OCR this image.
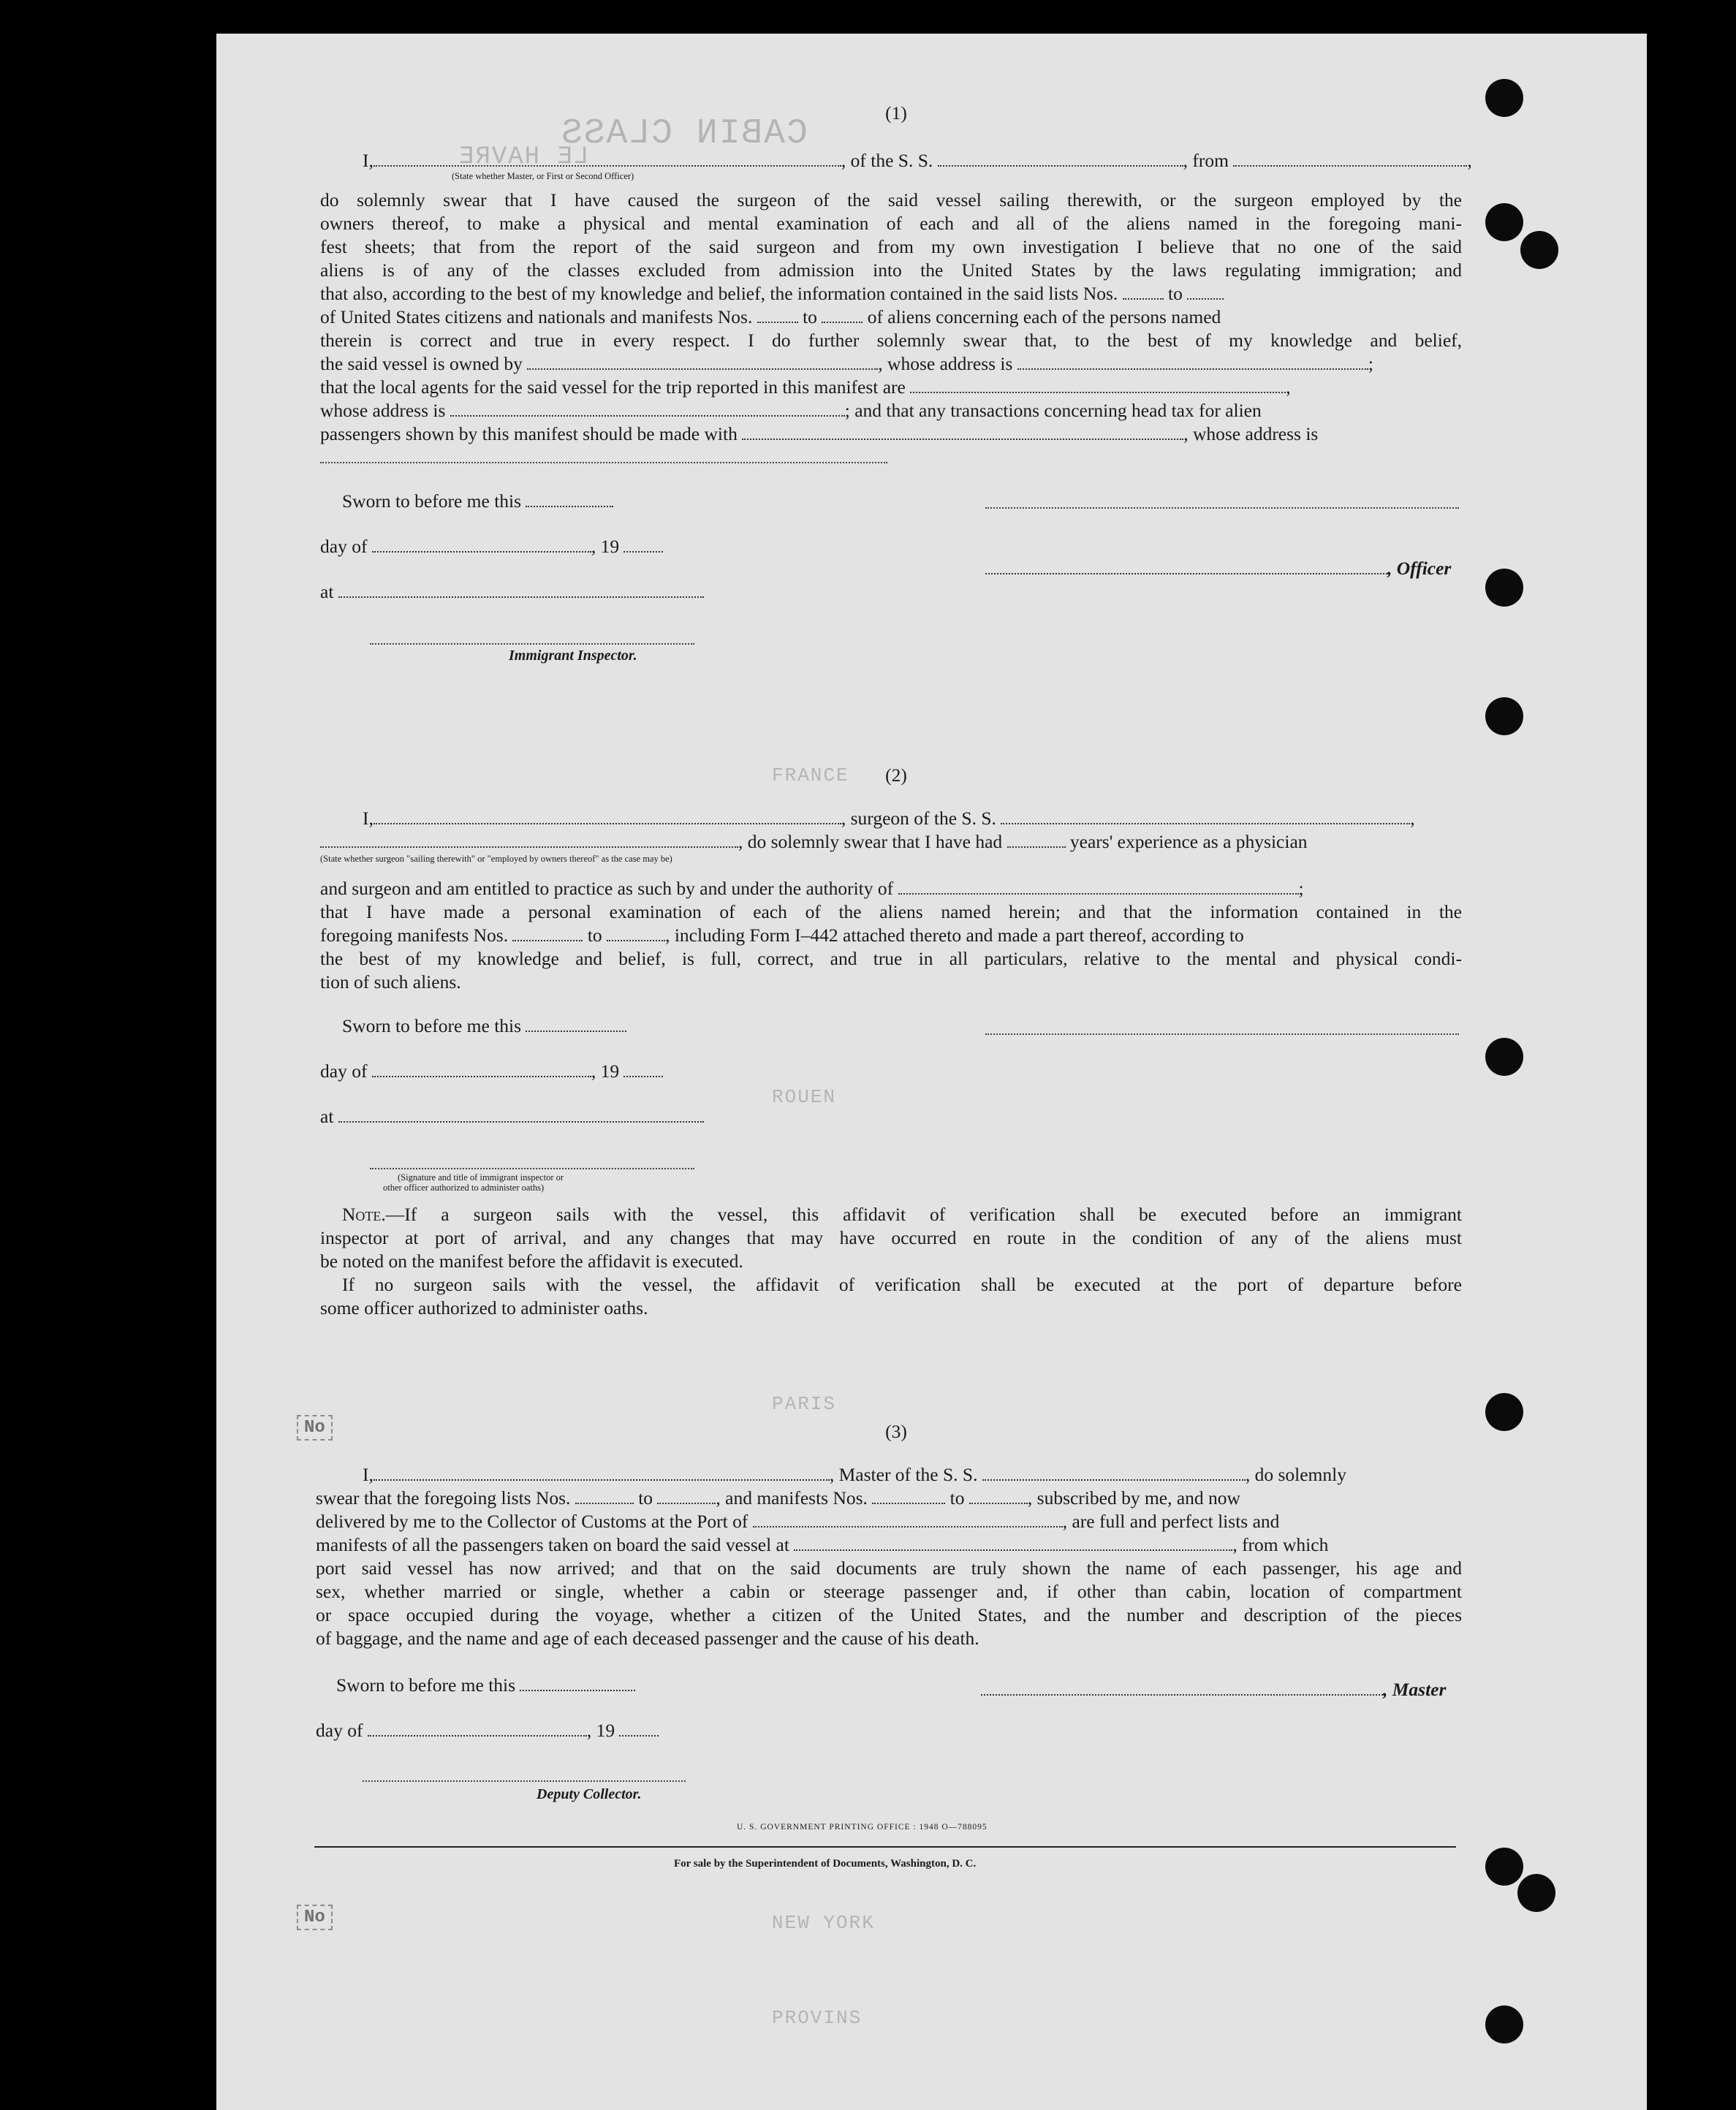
CABIN CLASS
LE HAVRE
FRANCE
ROUEN
PARIS
NEW YORK
PROVINS
No
No
(1)
I,	, of the S. S.	, from	,
(State whether Master, or First or Second Officer)
do solemnly swear that I have caused the surgeon of the said vessel sailing therewith, or the surgeon employed by the
owners thereof, to make a physical and mental examination of each and all of the aliens named in the foregoing mani-
fest sheets; that from the report of the said surgeon and from my own investigation I believe that no one of the said
aliens is of any of the classes excluded from admission into the United States by the laws regulating immigration; and
that also, according to the best of my knowledge and belief, the information contained in the said lists Nos.	to
of United States citizens and nationals and manifests Nos.	to	of aliens concerning each of the persons named
therein is correct and true in every respect. I do further solemnly swear that, to the best of my knowledge and belief,
the said vessel is owned by	, whose address is	;
that the local agents for the said vessel for the trip reported in this manifest are	,
whose address is	; and that any transactions concerning head tax for alien
passengers shown by this manifest should be made with	, whose address is
Sworn to before me this
day of	, 19
, Officer
at
Immigrant Inspector.
(2)
I,	, surgeon of the S. S.	,
, do solemnly swear that I have had	years' experience as a physician
(State whether surgeon "sailing therewith" or "employed by owners thereof" as the case may be)
and surgeon and am entitled to practice as such by and under the authority of	;
that I have made a personal examination of each of the aliens named herein; and that the information contained in the
foregoing manifests Nos.	to	, including Form I–442 attached thereto and made a part thereof, according to
the best of my knowledge and belief, is full, correct, and true in all particulars, relative to the mental and physical condi-
tion of such aliens.
Sworn to before me this
day of	, 19
at
(Signature and title of immigrant inspector or
other officer authorized to administer oaths)
Note.—If a surgeon sails with the vessel, this affidavit of verification shall be executed before an immigrant
inspector at port of arrival, and any changes that may have occurred en route in the condition of any of the aliens must
be noted on the manifest before the affidavit is executed.
If no surgeon sails with the vessel, the affidavit of verification shall be executed at the port of departure before
some officer authorized to administer oaths.
(3)
I,	, Master of the S. S.	, do solemnly
swear that the foregoing lists Nos.	to	, and manifests Nos.	to	, subscribed by me, and now
delivered by me to the Collector of Customs at the Port of	, are full and perfect lists and
manifests of all the passengers taken on board the said vessel at	, from which
port said vessel has now arrived; and that on the said documents are truly shown the name of each passenger, his age and
sex, whether married or single, whether a cabin or steerage passenger and, if other than cabin, location of compartment
or space occupied during the voyage, whether a citizen of the United States, and the number and description of the pieces
of baggage, and the name and age of each deceased passenger and the cause of his death.
Sworn to before me this	, Master
day of	, 19
Deputy Collector.
U. S. GOVERNMENT PRINTING OFFICE : 1948 O—788095
For sale by the Superintendent of Documents, Washington, D. C.
